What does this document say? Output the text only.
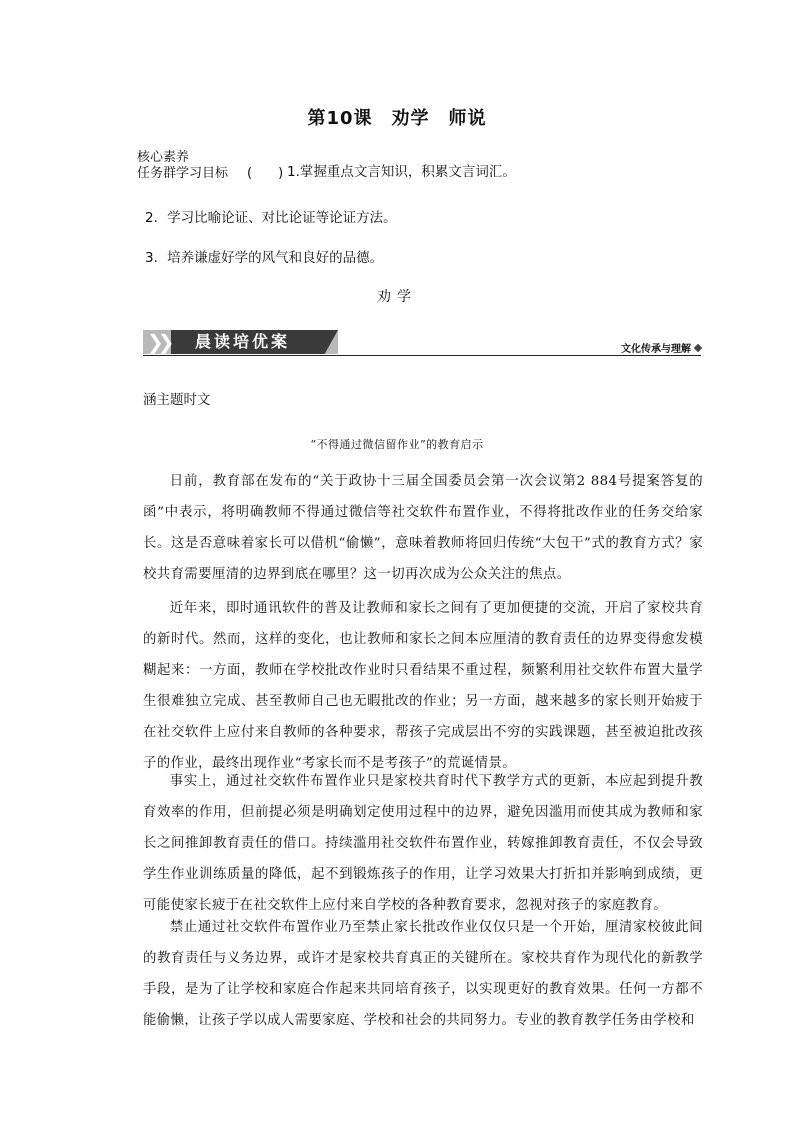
第10课　劝学　师说
核心素养
任务群学习目标 (　　) 1.掌握重点文言知识，积累文言词汇。
2．学习比喻论证、对比论证等论证方法。
3．培养谦虚好学的风气和良好的品德。
劝学
❯❯ 晨读培优案	文化传承与理解
涵主题时文
“不得通过微信留作业”的教育启示

日前，教育部在发布的“关于政协十三届全国委员会第一次会议第2 884号提案答复的函”中表示，将明确教师不得通过微信等社交软件布置作业，不得将批改作业的任务交给家长。这是否意味着家长可以借机“偷懒”，意味着教师将回归传统“大包干”式的教育方式？家校共育需要厘清的边界到底在哪里？这一切再次成为公众关注的焦点。

近年来，即时通讯软件的普及让教师和家长之间有了更加便捷的交流，开启了家校共育的新时代。然而，这样的变化，也让教师和家长之间本应厘清的教育责任的边界变得愈发模糊起来：一方面，教师在学校批改作业时只看结果不重过程，频繁利用社交软件布置大量学生很难独立完成、甚至教师自己也无暇批改的作业；另一方面，越来越多的家长则开始疲于在社交软件上应付来自教师的各种要求，帮孩子完成层出不穷的实践课题，甚至被迫批改孩子的作业，最终出现作业“考家长而不是考孩子”的荒诞情景。

事实上，通过社交软件布置作业只是家校共育时代下教学方式的更新，本应起到提升教育效率的作用，但前提必须是明确划定使用过程中的边界，避免因滥用而使其成为教师和家长之间推卸教育责任的借口。持续滥用社交软件布置作业，转嫁推卸教育责任，不仅会导致学生作业训练质量的降低，起不到锻炼孩子的作用，让学习效果大打折扣并影响到成绩，更可能使家长疲于在社交软件上应付来自学校的各种教育要求，忽视对孩子的家庭教育。

禁止通过社交软件布置作业乃至禁止家长批改作业仅仅只是一个开始，厘清家校彼此间的教育责任与义务边界，或许才是家校共育真正的关键所在。家校共育作为现代化的新教学手段，是为了让学校和家庭合作起来共同培育孩子，以实现更好的教育效果。任何一方都不能偷懒，让孩子学以成人需要家庭、学校和社会的共同努力。专业的教育教学任务由学校和
